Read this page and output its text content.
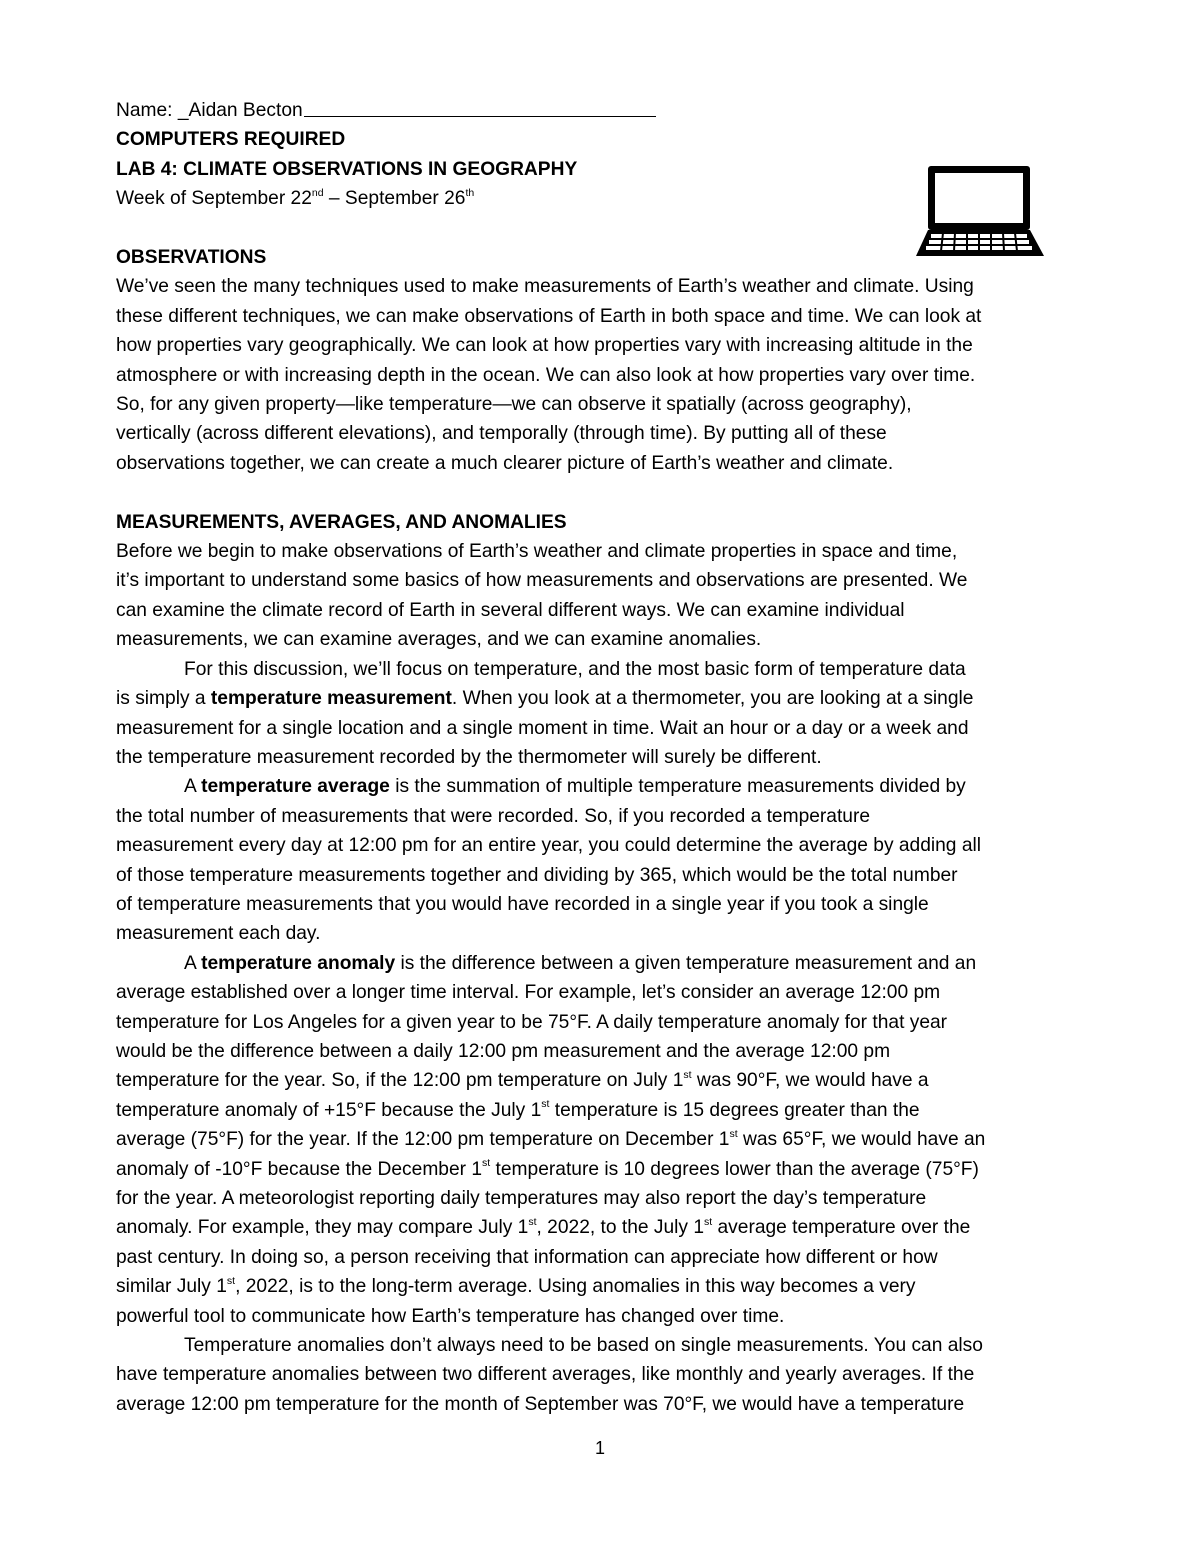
Name: _Aidan Becton
COMPUTERS REQUIRED
LAB 4: CLIMATE OBSERVATIONS IN GEOGRAPHY
Week of September 22nd – September 26th
OBSERVATIONS
We’ve seen the many techniques used to make measurements of Earth’s weather and climate. Using
these different techniques, we can make observations of Earth in both space and time. We can look at
how properties vary geographically. We can look at how properties vary with increasing altitude in the
atmosphere or with increasing depth in the ocean. We can also look at how properties vary over time.
So, for any given property—like temperature—we can observe it spatially (across geography),
vertically (across different elevations), and temporally (through time). By putting all of these
observations together, we can create a much clearer picture of Earth’s weather and climate.
MEASUREMENTS, AVERAGES, AND ANOMALIES
Before we begin to make observations of Earth’s weather and climate properties in space and time,
it’s important to understand some basics of how measurements and observations are presented. We
can examine the climate record of Earth in several different ways. We can examine individual
measurements, we can examine averages, and we can examine anomalies.
For this discussion, we’ll focus on temperature, and the most basic form of temperature data
is simply a temperature measurement. When you look at a thermometer, you are looking at a single
measurement for a single location and a single moment in time. Wait an hour or a day or a week and
the temperature measurement recorded by the thermometer will surely be different.
A temperature average is the summation of multiple temperature measurements divided by
the total number of measurements that were recorded. So, if you recorded a temperature
measurement every day at 12:00 pm for an entire year, you could determine the average by adding all
of those temperature measurements together and dividing by 365, which would be the total number
of temperature measurements that you would have recorded in a single year if you took a single
measurement each day.
A temperature anomaly is the difference between a given temperature measurement and an
average established over a longer time interval. For example, let’s consider an average 12:00 pm
temperature for Los Angeles for a given year to be 75°F. A daily temperature anomaly for that year
would be the difference between a daily 12:00 pm measurement and the average 12:00 pm
temperature for the year. So, if the 12:00 pm temperature on July 1st was 90°F, we would have a
temperature anomaly of +15°F because the July 1st temperature is 15 degrees greater than the
average (75°F) for the year. If the 12:00 pm temperature on December 1st was 65°F, we would have an
anomaly of -10°F because the December 1st temperature is 10 degrees lower than the average (75°F)
for the year. A meteorologist reporting daily temperatures may also report the day’s temperature
anomaly. For example, they may compare July 1st, 2022, to the July 1st average temperature over the
past century. In doing so, a person receiving that information can appreciate how different or how
similar July 1st, 2022, is to the long-term average. Using anomalies in this way becomes a very
powerful tool to communicate how Earth’s temperature has changed over time.
Temperature anomalies don’t always need to be based on single measurements. You can also
have temperature anomalies between two different averages, like monthly and yearly averages. If the
average 12:00 pm temperature for the month of September was 70°F, we would have a temperature
1
